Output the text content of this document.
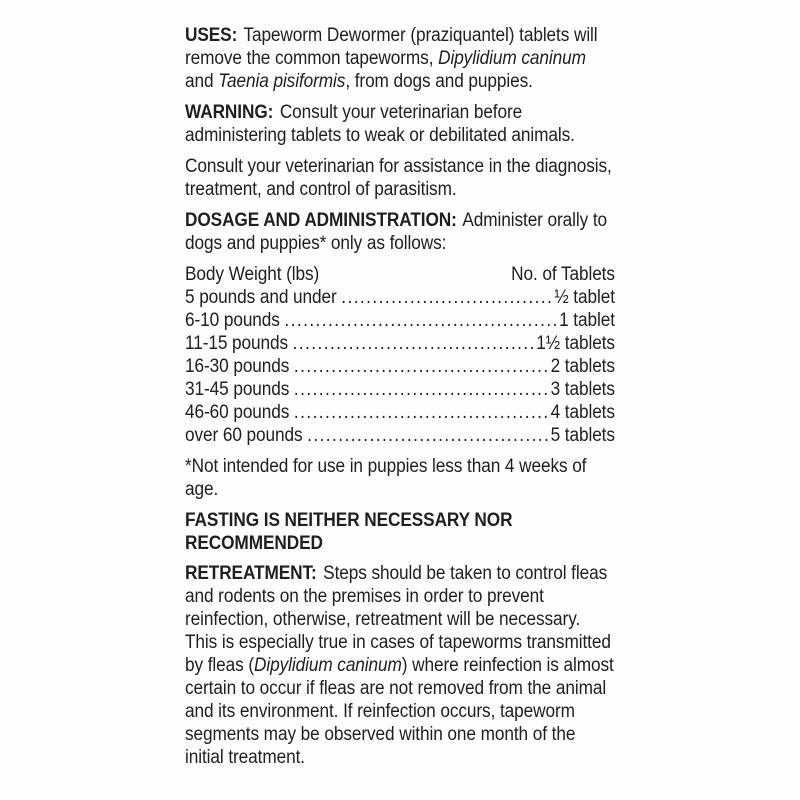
USES: Tapeworm Dewormer (praziquantel) tablets will remove the common tapeworms, Dipylidium caninum and Taenia pisiformis, from dogs and puppies.

WARNING: Consult your veterinarian before administering tablets to weak or debilitated animals.

Consult your veterinarian for assistance in the diagnosis, treatment, and control of parasitism.

DOSAGE AND ADMINISTRATION: Administer orally to dogs and puppies* only as follows:

Body Weight (lbs)	No. of Tablets
5 pounds and under .....	½ tablet
6-10 pounds .....	1 tablet
11-15 pounds .....	1½ tablets
16-30 pounds .....	2 tablets
31-45 pounds .....	3 tablets
46-60 pounds .....	4 tablets
over 60 pounds .....	5 tablets

*Not intended for use in puppies less than 4 weeks of age.

FASTING IS NEITHER NECESSARY NOR RECOMMENDED

RETREATMENT: Steps should be taken to control fleas and rodents on the premises in order to prevent reinfection, otherwise, retreatment will be necessary. This is especially true in cases of tapeworms transmitted by fleas (Dipylidium caninum) where reinfection is almost certain to occur if fleas are not removed from the animal and its environment. If reinfection occurs, tapeworm segments may be observed within one month of the initial treatment.
